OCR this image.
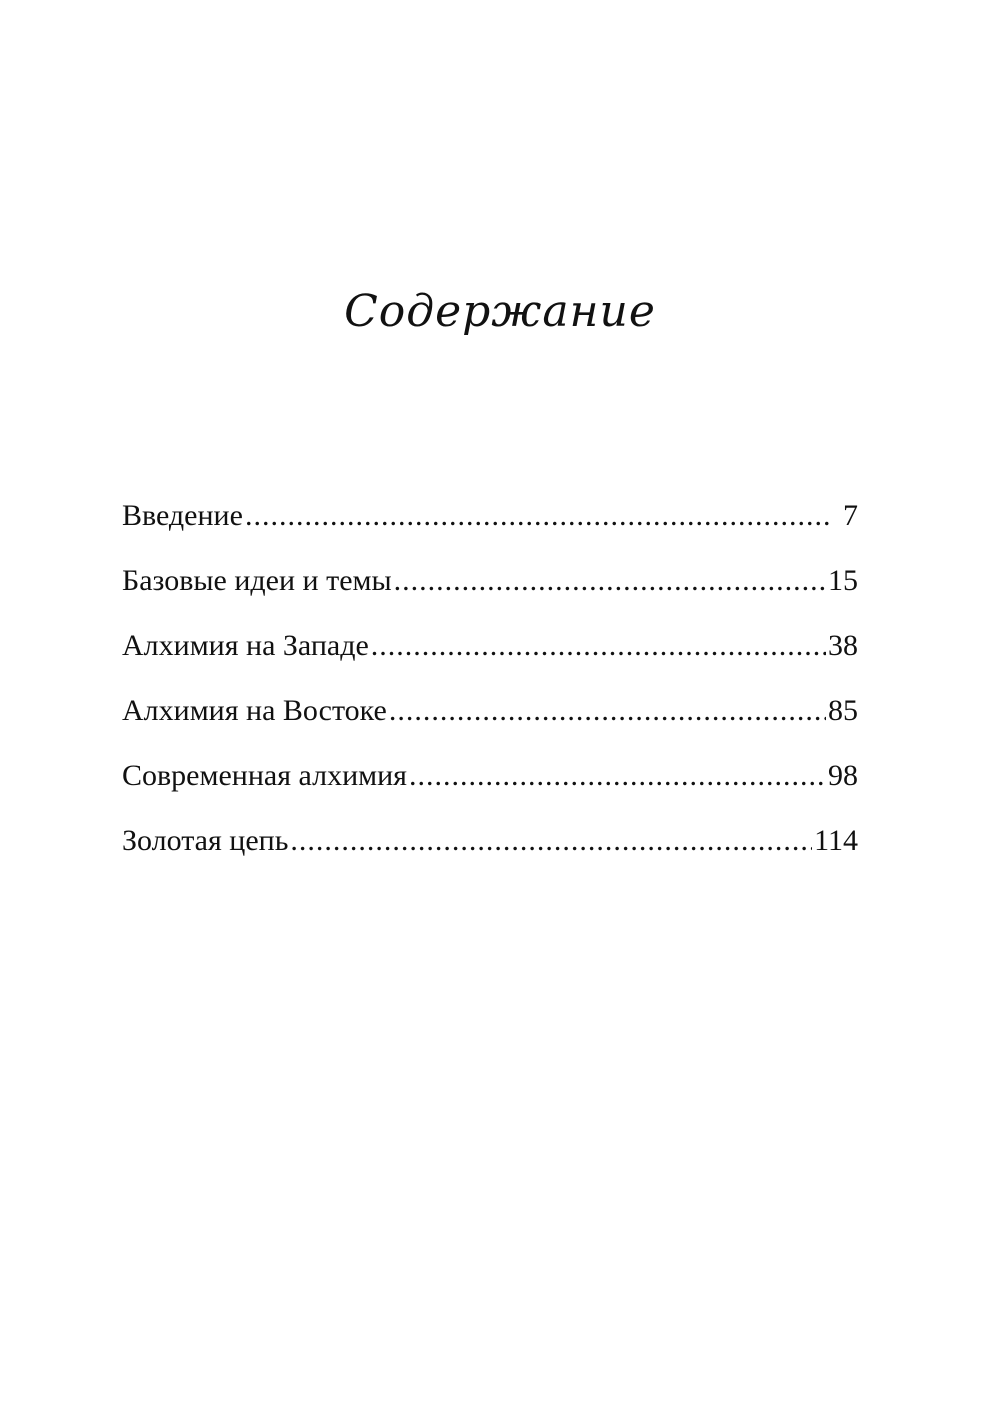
Содержание
Введение .....	7
Базовые идеи и темы .....	15
Алхимия на Западе .....	38
Алхимия на Востоке .....	85
Современная алхимия .....	98
Золотая цепь .....	114
